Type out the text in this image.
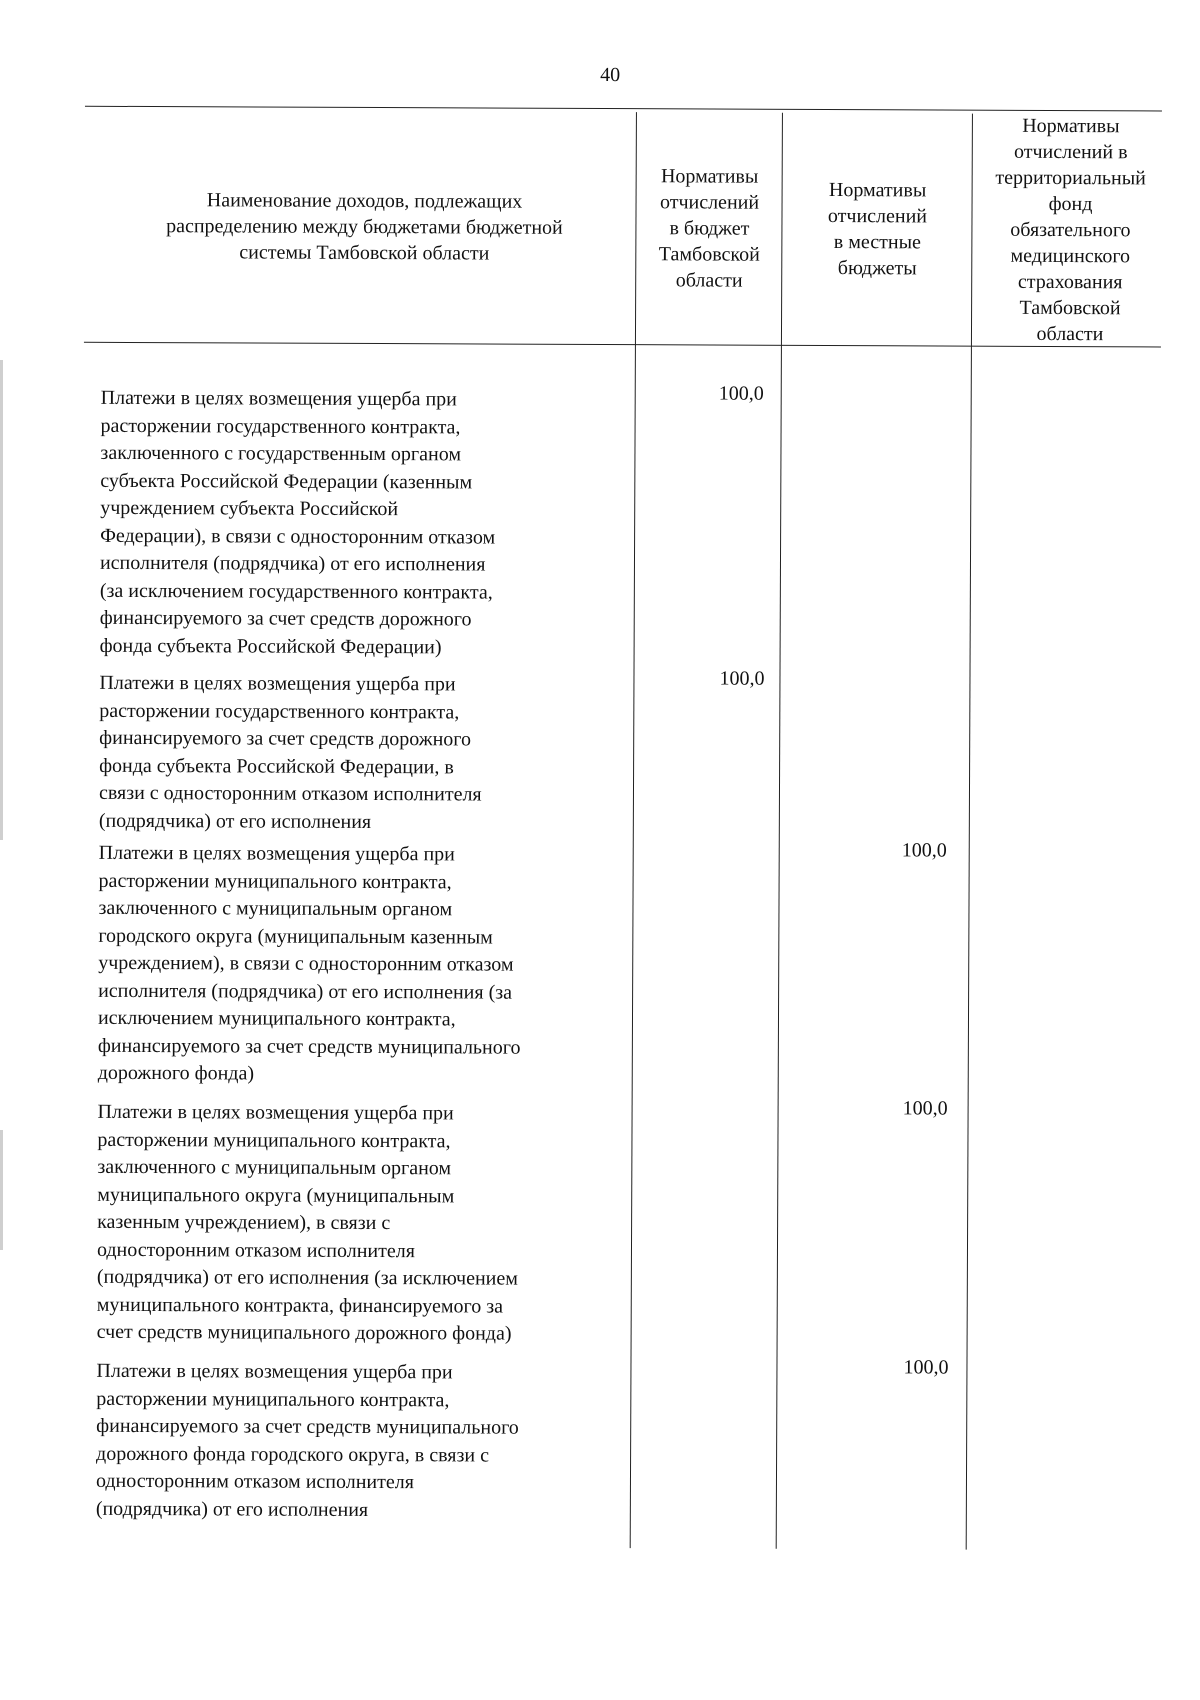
40
Наименование доходов, подлежащих
распределению между бюджетами бюджетной
системы Тамбовской области
Нормативы
отчислений
в бюджет
Тамбовской
области
Нормативы
отчислений
в местные
бюджеты
Нормативы
отчислений в
территориальный
фонд
обязательного
медицинского
страхования
Тамбовской
области
Платежи в целях возмещения ущерба при
расторжении государственного контракта,
заключенного с государственным органом
субъекта Российской Федерации (казенным
учреждением субъекта Российской
Федерации), в связи с односторонним отказом
исполнителя (подрядчика) от его исполнения
(за исключением государственного контракта,
финансируемого за счет средств дорожного
фонда субъекта Российской Федерации)
100,0
Платежи в целях возмещения ущерба при
расторжении государственного контракта,
финансируемого за счет средств дорожного
фонда субъекта Российской Федерации, в
связи с односторонним отказом исполнителя
(подрядчика) от его исполнения
100,0
Платежи в целях возмещения ущерба при
расторжении муниципального контракта,
заключенного с муниципальным органом
городского округа (муниципальным казенным
учреждением), в связи с односторонним отказом
исполнителя (подрядчика) от его исполнения (за
исключением муниципального контракта,
финансируемого за счет средств муниципального
дорожного фонда)
100,0
Платежи в целях возмещения ущерба при
расторжении муниципального контракта,
заключенного с муниципальным органом
муниципального округа (муниципальным
казенным учреждением), в связи с
односторонним отказом исполнителя
(подрядчика) от его исполнения (за исключением
муниципального контракта, финансируемого за
счет средств муниципального дорожного фонда)
100,0
Платежи в целях возмещения ущерба при
расторжении муниципального контракта,
финансируемого за счет средств муниципального
дорожного фонда городского округа, в связи с
односторонним отказом исполнителя
(подрядчика) от его исполнения
100,0
